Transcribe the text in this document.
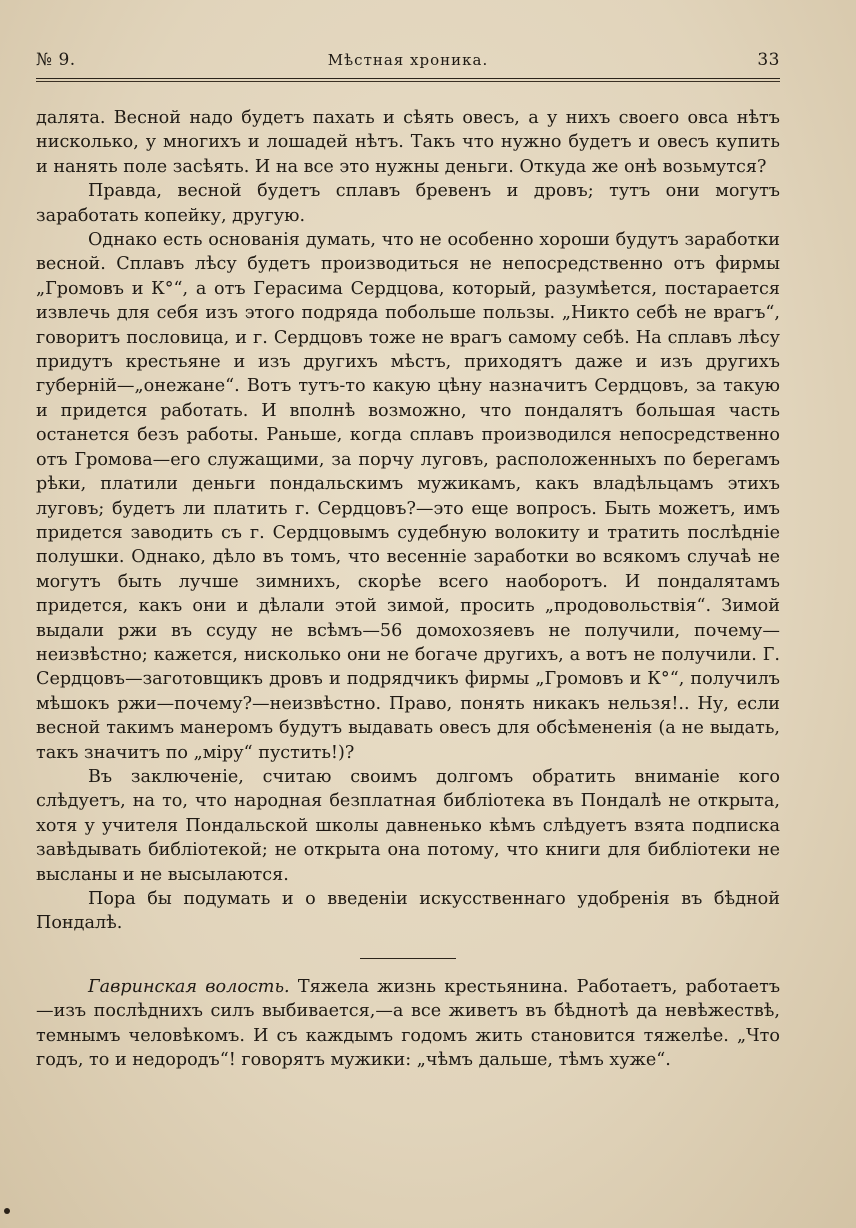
№ 9.	Мѣстная хроника.	33

далята. Весной надо будетъ пахать и сѣять овесъ, а у нихъ своего овса нѣтъ нисколько, у многихъ и лошадей нѣтъ. Такъ что нужно будетъ и овесъ купить и нанять поле засѣять. И на все это нужны деньги. Откуда же онѣ возьмутся?

Правда, весной будетъ сплавъ бревенъ и дровъ; тутъ они могутъ заработать копейку, другую.

Однако есть основанія думать, что не особенно хороши будутъ заработки весной. Сплавъ лѣсу будетъ производиться не непосредственно отъ фирмы „Громовъ и К°“, а отъ Герасима Сердцова, который, разумѣется, постарается извлечь для себя изъ этого подряда побольше пользы. „Никто себѣ не врагъ“, говоритъ пословица, и г. Сердцовъ тоже не врагъ самому себѣ. На сплавъ лѣсу придутъ крестьяне и изъ другихъ мѣстъ, приходятъ даже и изъ другихъ губерній—„онежане“. Вотъ тутъ-то какую цѣну назначитъ Сердцовъ, за такую и придется работать. И вполнѣ возможно, что пондалятъ большая часть останется безъ работы. Раньше, когда сплавъ производился непосредственно отъ Громова—его служащими, за порчу луговъ, расположенныхъ по берегамъ рѣки, платили деньги пондальскимъ мужикамъ, какъ владѣльцамъ этихъ луговъ; будетъ ли платить г. Сердцовъ?—это еще вопросъ. Быть можетъ, имъ придется заводить съ г. Сердцовымъ судебную волокиту и тратить послѣдніе полушки. Однако, дѣло въ томъ, что весенніе заработки во всякомъ случаѣ не могутъ быть лучше зимнихъ, скорѣе всего наоборотъ. И пондалятамъ придется, какъ они и дѣлали этой зимой, просить „продовольствія“. Зимой выдали ржи въ ссуду не всѣмъ—56 домохозяевъ не получили, почему—неизвѣстно; кажется, нисколько они не богаче другихъ, а вотъ не получили. Г. Сердцовъ—заготовщикъ дровъ и подрядчикъ фирмы „Громовъ и К°“, получилъ мѣшокъ ржи—почему?—неизвѣстно. Право, понять никакъ нельзя!.. Ну, если весной такимъ манеромъ будутъ выдавать овесъ для обсѣмененія (а не выдать, такъ значитъ по „міру“ пустить!)?

Въ заключеніе, считаю своимъ долгомъ обратить вниманіе кого слѣдуетъ, на то, что народная безплатная библіотека въ Пондалѣ не открыта, хотя у учителя Пондальской школы давненько кѣмъ слѣдуетъ взята подписка завѣдывать библіотекой; не открыта она потому, что книги для библіотеки не высланы и не высылаются.

Пора бы подумать и о введеніи искусственнаго удобренія въ бѣдной Пондалѣ.

Гавринская волость. Тяжела жизнь крестьянина. Работаетъ, работаетъ—изъ послѣднихъ силъ выбивается,—а все живетъ въ бѣднотѣ да невѣжествѣ, темнымъ человѣкомъ. И съ каждымъ годомъ жить становится тяжелѣе. „Что годъ, то и недородъ“! говорятъ мужики: „чѣмъ дальше, тѣмъ хуже“.
